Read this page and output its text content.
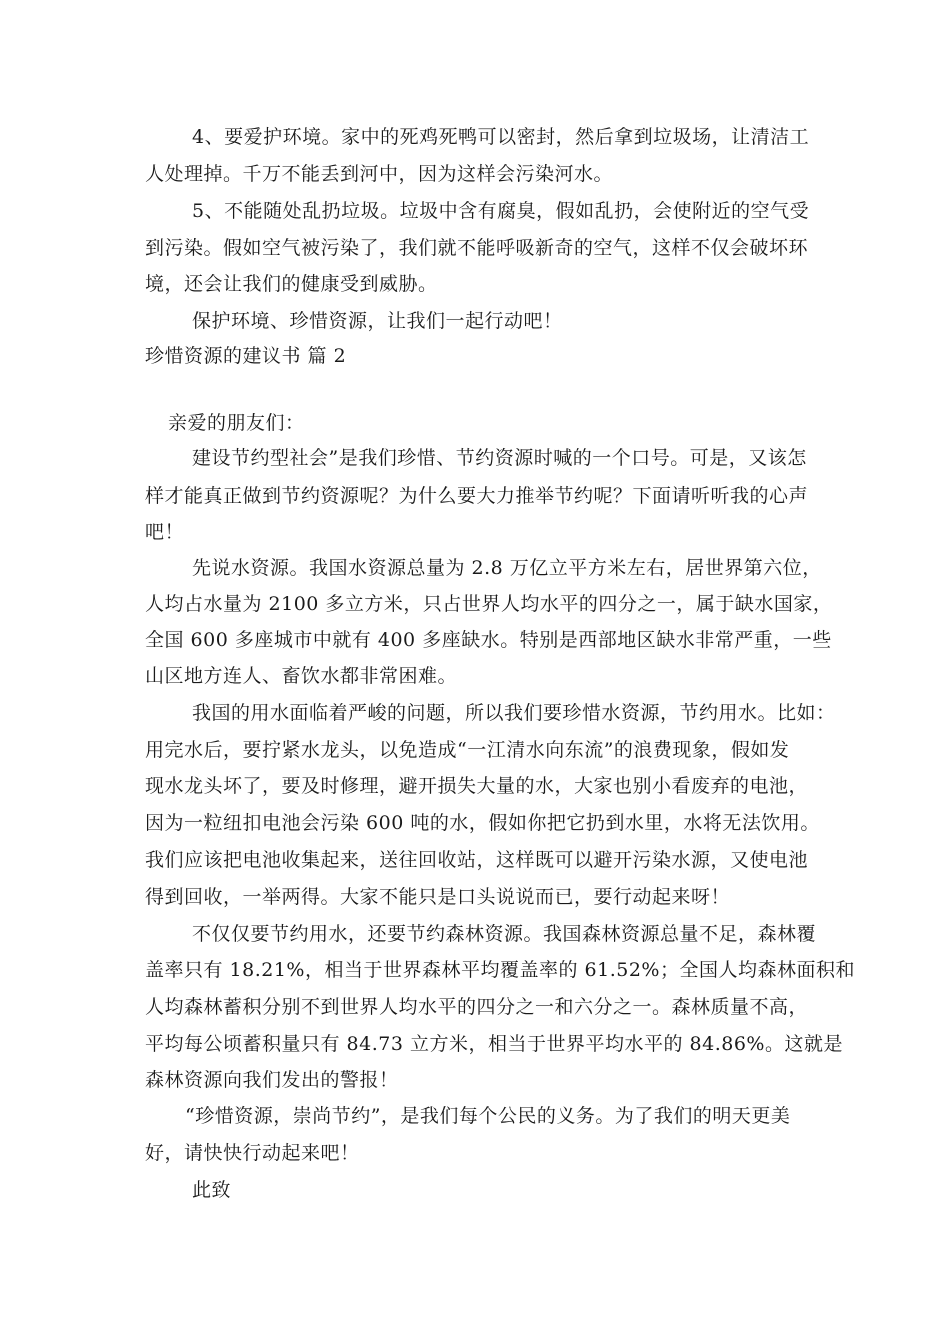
4、要爱护环境。家中的死鸡死鸭可以密封，然后拿到垃圾场，让清洁工
人处理掉。千万不能丢到河中，因为这样会污染河水。
5、不能随处乱扔垃圾。垃圾中含有腐臭，假如乱扔，会使附近的空气受
到污染。假如空气被污染了，我们就不能呼吸新奇的空气，这样不仅会破坏环
境，还会让我们的健康受到威胁。
保护环境、珍惜资源，让我们一起行动吧！
珍惜资源的建议书 篇 2
亲爱的朋友们：
建设节约型社会”是我们珍惜、节约资源时喊的一个口号。可是，又该怎
样才能真正做到节约资源呢？为什么要大力推举节约呢？下面请听听我的心声
吧！
先说水资源。我国水资源总量为 2.8 万亿立平方米左右，居世界第六位，
人均占水量为 2100 多立方米，只占世界人均水平的四分之一，属于缺水国家，
全国 600 多座城市中就有 400 多座缺水。特别是西部地区缺水非常严重，一些
山区地方连人、畜饮水都非常困难。
我国的用水面临着严峻的问题，所以我们要珍惜水资源，节约用水。比如：
用完水后，要拧紧水龙头，以免造成“一江清水向东流”的浪费现象，假如发
现水龙头坏了，要及时修理，避开损失大量的水，大家也别小看废弃的电池，
因为一粒纽扣电池会污染 600 吨的水，假如你把它扔到水里，水将无法饮用。
我们应该把电池收集起来，送往回收站，这样既可以避开污染水源，又使电池
得到回收，一举两得。大家不能只是口头说说而已，要行动起来呀！
不仅仅要节约用水，还要节约森林资源。我国森林资源总量不足，森林覆
盖率只有 18.21%，相当于世界森林平均覆盖率的 61.52%；全国人均森林面积和
人均森林蓄积分别不到世界人均水平的四分之一和六分之一。森林质量不高，
平均每公顷蓄积量只有 84.73 立方米，相当于世界平均水平的 84.86%。这就是
森林资源向我们发出的警报！
“珍惜资源，崇尚节约”，是我们每个公民的义务。为了我们的明天更美
好，请快快行动起来吧！
此致
